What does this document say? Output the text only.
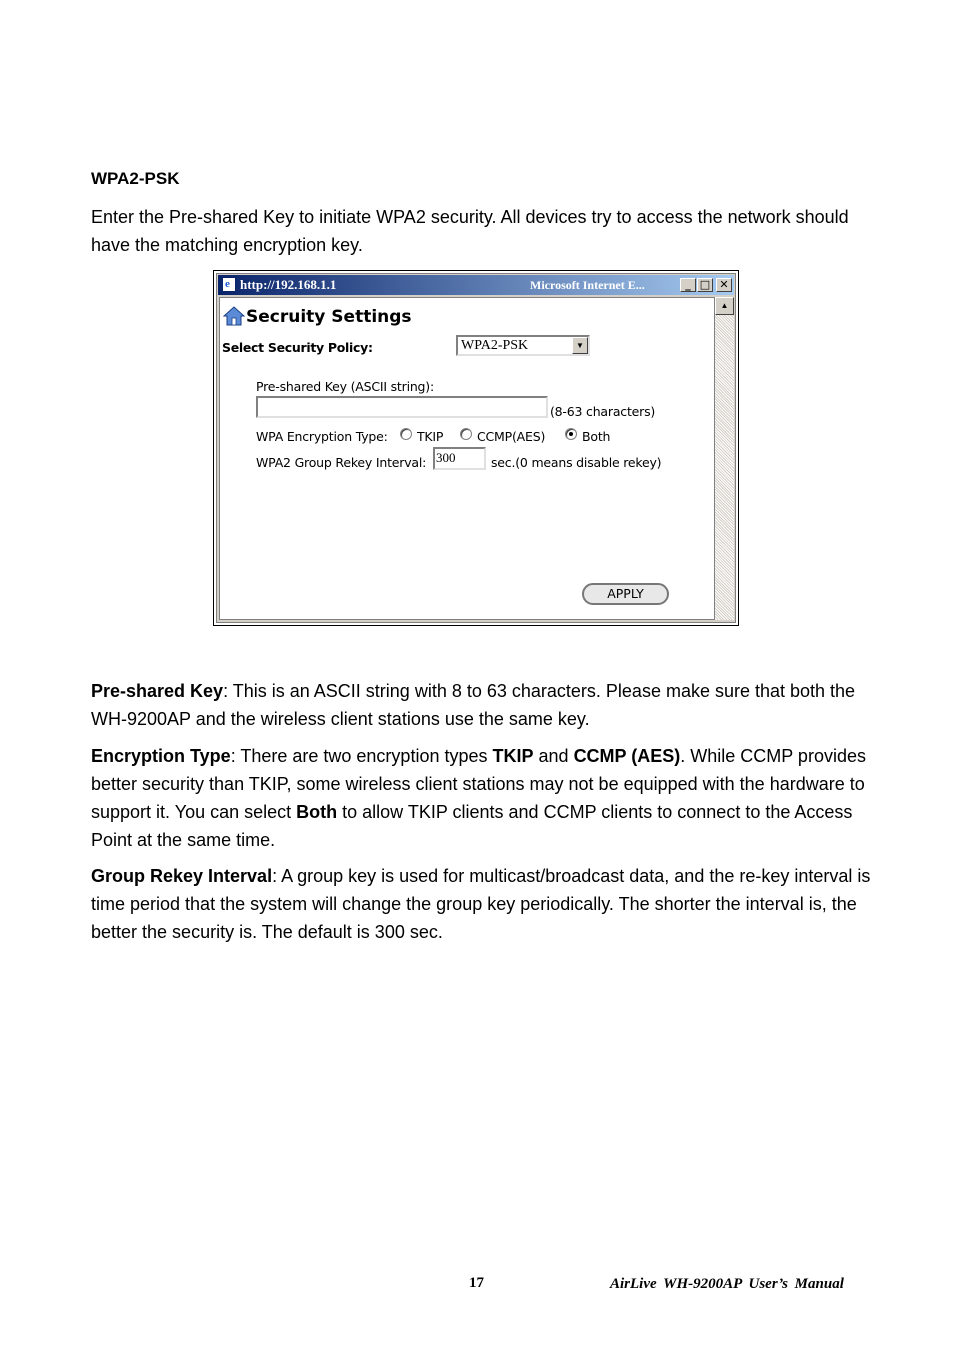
WPA2-PSK
Enter the Pre-shared Key to initiate WPA2 security. All devices try to access the network should have the matching encryption key.
e http://192.168.1.1	Microsoft Internet E...	_ □ ✕
Secruity Settings
Select Security Policy:	WPA2-PSK	▼
Pre-shared Key (ASCII string):
(8-63 characters)
WPA Encryption Type: TKIP	CCMP(AES)	Both
WPA2 Group Rekey Interval: 300	sec.(0 means disable rekey)
APPLY
▲
Pre-shared Key: This is an ASCII string with 8 to 63 characters. Please make sure that both the WH-9200AP and the wireless client stations use the same key.
Encryption Type: There are two encryption types TKIP and CCMP (AES). While CCMP provides better security than TKIP, some wireless client stations may not be equipped with the hardware to support it. You can select Both to allow TKIP clients and CCMP clients to connect to the Access Point at the same time.
Group Rekey Interval: A group key is used for multicast/broadcast data, and the re-key interval is time period that the system will change the group key periodically. The shorter the interval is, the better the security is. The default is 300 sec.
17	AirLive WH-9200AP User’s Manual
